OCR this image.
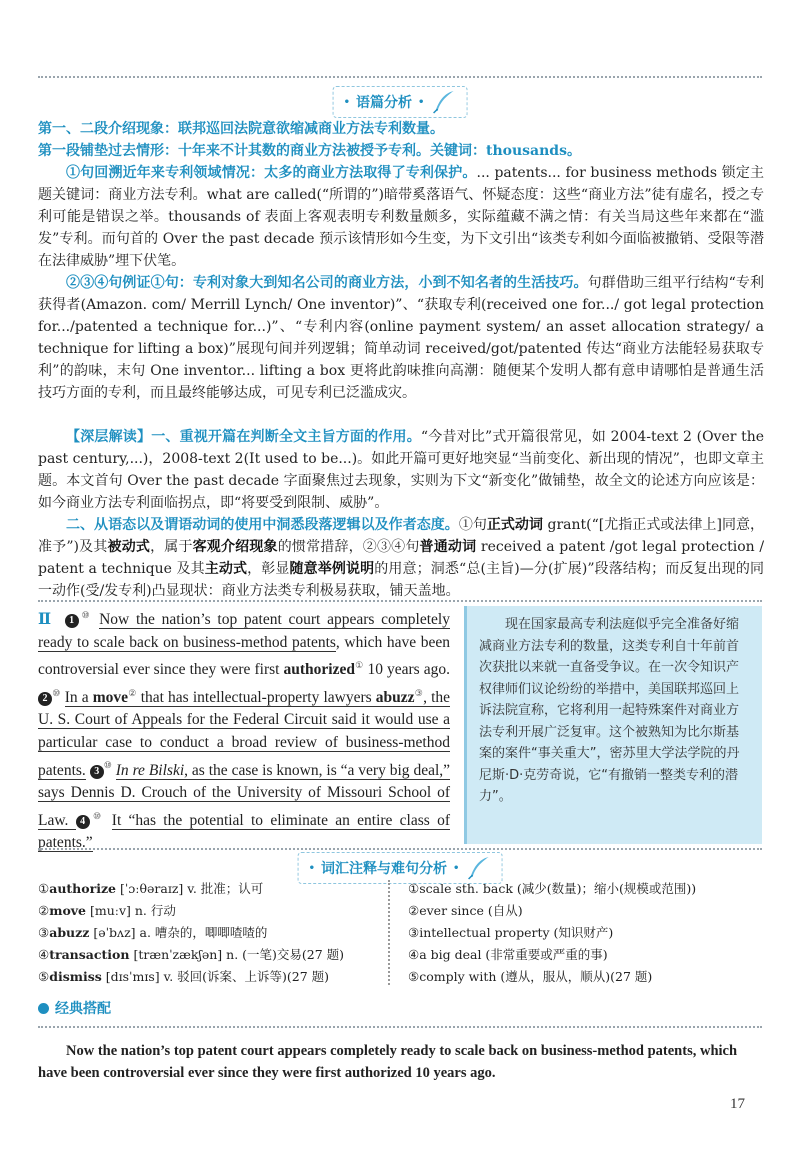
• 语篇分析 •
第一、二段介绍现象：联邦巡回法院意欲缩减商业方法专利数量。
第一段铺垫过去情形：十年来不计其数的商业方法被授予专利。关键词：thousands。
①句回溯近年来专利领域情况：太多的商业方法取得了专利保护。... patents... for business methods 锁定主题关键词：商业方法专利。what are called(“所谓的”)暗带奚落语气、怀疑态度：这些“商业方法”徒有虚名，授之专利可能是错误之举。thousands of 表面上客观表明专利数量颇多，实际蕴藏不满之情：有关当局这些年来都在“滥发”专利。而句首的 Over the past decade 预示该情形如今生变，为下文引出“该类专利如今面临被撤销、受限等潜在法律威胁”埋下伏笔。
②③④句例证①句：专利对象大到知名公司的商业方法，小到不知名者的生活技巧。句群借助三组平行结构“专利获得者(Amazon. com/ Merrill Lynch/ One inventor)”、“获取专利(received one for.../ got legal protection for.../patented a technique for...)”、“专利内容(online payment system/ an asset allocation strategy/ a technique for lifting a box)”展现句间并列逻辑；简单动词 received/got/patented 传达“商业方法能轻易获取专利”的韵味，末句 One inventor... lifting a box 更将此韵味推向高潮：随便某个发明人都有意申请哪怕是普通生活技巧方面的专利，而且最终能够达成，可见专利已泛滥成灾。
【深层解读】一、重视开篇在判断全文主旨方面的作用。“今昔对比”式开篇很常见，如 2004-text 2 (Over the past century,...)，2008-text 2(It used to be...)。如此开篇可更好地突显“当前变化、新出现的情况”，也即文章主题。本文首句 Over the past decade 字面聚焦过去现象，实则为下文“新变化”做铺垫，故全文的论述方向应该是：如今商业方法专利面临拐点，即“将要受到限制、威胁”。
二、从语态以及谓语动词的使用中洞悉段落逻辑以及作者态度。①句正式动词 grant(“[尤指正式或法律上]同意，准予”)及其被动式，属于客观介绍现象的惯常措辞，②③④句普通动词 received a patent /got legal protection / patent a technique 及其主动式，彰显随意举例说明的用意；洞悉“总(主旨)—分(扩展)”段落结构；而反复出现的同一动作(受/发专利)凸显现状：商业方法类专利极易获取，铺天盖地。
Ⅱ 1⑩ Now the nation’s top patent court appears completely ready to scale back on business-method patents, which have been controversial ever since they were first authorized① 10 years ago. 2⑩ In a move② that has intellectual-property lawyers abuzz③, the U. S. Court of Appeals for the Federal Circuit said it would use a particular case to conduct a broad review of business-method patents. 3⑩ In re Bilski, as the case is known, is “a very big deal,” says Dennis D. Crouch of the University of Missouri School of Law. 4⑩ It “has the potential to eliminate an entire class of patents.”
现在国家最高专利法庭似乎完全准备好缩减商业方法专利的数量，这类专利自十年前首次获批以来就一直备受争议。在一次令知识产权律师们议论纷纷的举措中，美国联邦巡回上诉法院宣称，它将利用一起特殊案件对商业方法专利开展广泛复审。这个被熟知为比尔斯基案的案件“事关重大”，密苏里大学法学院的丹尼斯·D·克劳奇说，它“有撤销一整类专利的潜力”。
• 词汇注释与难句分析 •
①authorize [ˈɔːθəraɪz] v. 批准；认可
②move [muːv] n. 行动
③abuzz [əˈbʌz] a. 嘈杂的，唧唧喳喳的
④transaction [trænˈzækʃən] n. (一笔)交易(27 题)
⑤dismiss [dɪsˈmɪs] v. 驳回(诉案、上诉等)(27 题)
①scale sth. back (减少(数量)；缩小(规模或范围))
②ever since (自从)
③intellectual property (知识财产)
④a big deal (非常重要或严重的事)
⑤comply with (遵从，服从，顺从)(27 题)
经典搭配
Now the nation’s top patent court appears completely ready to scale back on business-method patents, which have been controversial ever since they were first authorized 10 years ago.
17
